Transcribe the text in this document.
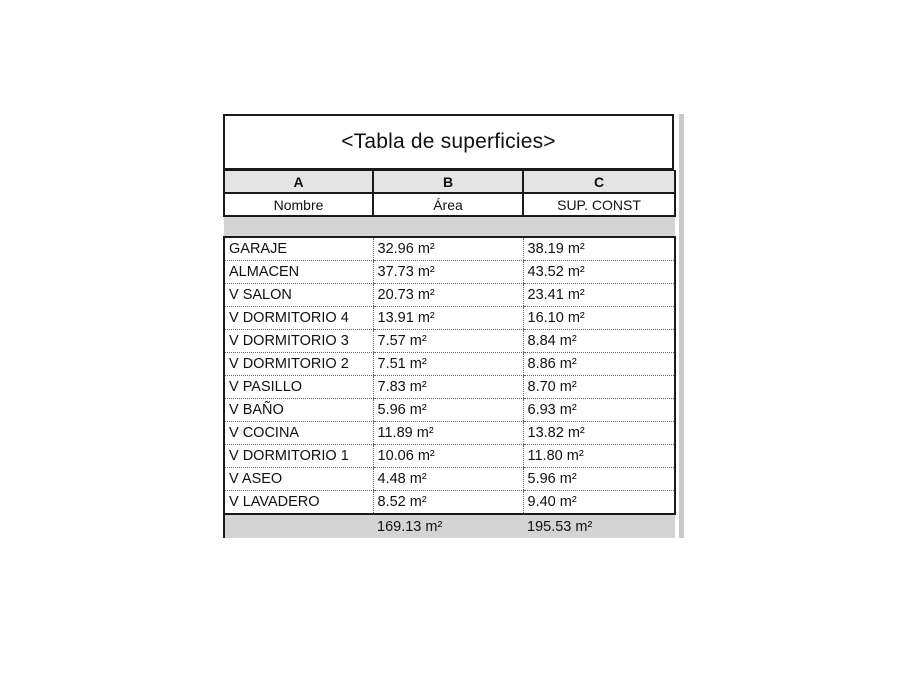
<Tabla de superficies>
A	B	C
Nombre	Área	SUP. CONST

GARAJE	32.96 m²	38.19 m²
ALMACEN	37.73 m²	43.52 m²
V SALON	20.73 m²	23.41 m²
V DORMITORIO 4	13.91 m²	16.10 m²
V DORMITORIO 3	7.57 m²	8.84 m²
V DORMITORIO 2	7.51 m²	8.86 m²
V PASILLO	7.83 m²	8.70 m²
V BAÑO	5.96 m²	6.93 m²
V COCINA	11.89 m²	13.82 m²
V DORMITORIO 1	10.06 m²	11.80 m²
V ASEO	4.48 m²	5.96 m²
V LAVADERO	8.52 m²	9.40 m²
	169.13 m²	195.53 m²
